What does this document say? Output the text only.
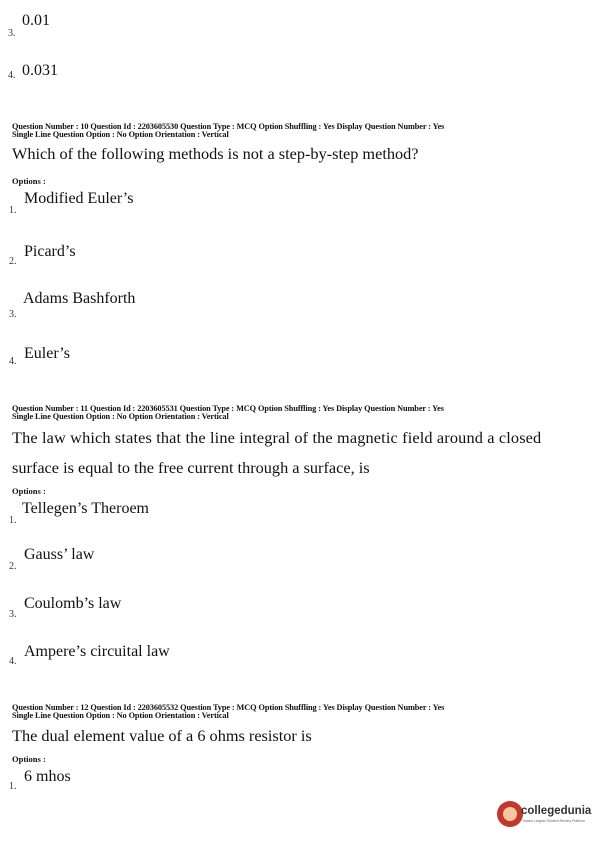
0.01
3.
0.031
4.
Question Number : 10 Question Id : 2203605530 Question Type : MCQ Option Shuffling : Yes Display Question Number : Yes
Single Line Question Option : No Option Orientation : Vertical
Which of the following methods is not a step-by-step method?
Options :
Modified Euler’s
1.
Picard’s
2.
Adams Bashforth
3.
Euler’s
4.
Question Number : 11 Question Id : 2203605531 Question Type : MCQ Option Shuffling : Yes Display Question Number : Yes
Single Line Question Option : No Option Orientation : Vertical
The law which states that the line integral of the magnetic field around a closed
surface is equal to the free current through a surface, is
Options :
Tellegen’s Theroem
1.
Gauss’ law
2.
Coulomb’s law
3.
Ampere’s circuital law
4.
Question Number : 12 Question Id : 2203605532 Question Type : MCQ Option Shuffling : Yes Display Question Number : Yes
Single Line Question Option : No Option Orientation : Vertical
The dual element value of a 6 ohms resistor is
Options :
6 mhos
1.
collegedunia
India's Largest Student Review Platform
